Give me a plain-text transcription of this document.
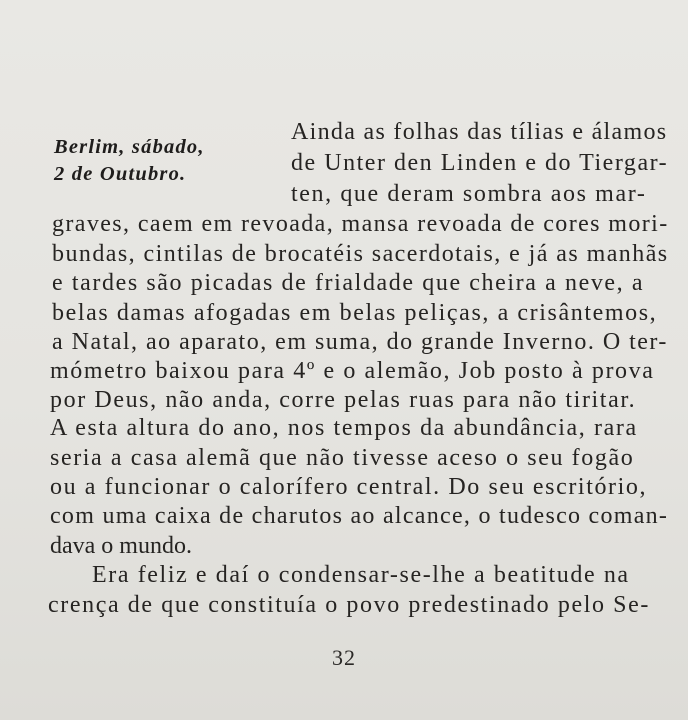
Berlim, sábado,
2 de Outubro.
Ainda as folhas das tílias e álamos
de Unter den Linden e do Tiergar-
ten, que deram sombra aos mar-
graves, caem em revoada, mansa revoada de cores mori-
bundas, cintilas de brocatéis sacerdotais, e já as manhãs
e tardes são picadas de frialdade que cheira a neve, a
belas damas afogadas em belas peliças, a crisântemos,
a Natal, ao aparato, em suma, do grande Inverno. O ter-
mómetro baixou para 4º e o alemão, Job posto à prova
por Deus, não anda, corre pelas ruas para não tiritar.
A esta altura do ano, nos tempos da abundância, rara
seria a casa alemã que não tivesse aceso o seu fogão
ou a funcionar o calorífero central. Do seu escritório,
com uma caixa de charutos ao alcance, o tudesco coman-
dava o mundo.
Era feliz e daí o condensar-se-lhe a beatitude na
crença de que constituía o povo predestinado pelo Se-
32
